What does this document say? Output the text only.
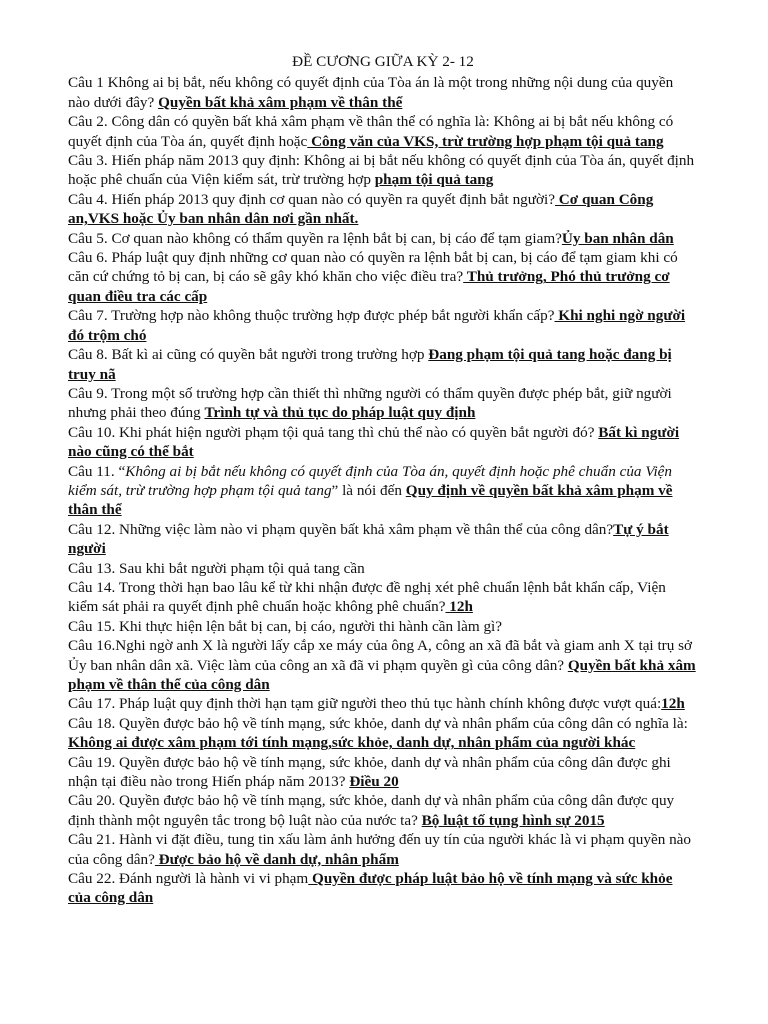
ĐỀ CƯƠNG GIỮA KỲ 2- 12

Câu 1 Không ai bị bắt, nếu không có quyết định của Tòa án là một trong những nội dung của quyền nào dưới đây? Quyền bất khả xâm phạm về thân thể

Câu 2. Công dân có quyền bất khả xâm phạm về thân thể có nghĩa là: Không ai bị bắt nếu không có quyết định của Tòa án, quyết định hoặc Công văn của VKS, trừ trường hợp phạm tội quả tang

Câu 3. Hiến pháp năm 2013 quy định: Không ai bị bắt nếu không có quyết định của Tòa án, quyết định hoặc phê chuẩn của Viện kiểm sát, trừ trường hợp phạm tội quả tang

Câu 4. Hiến pháp 2013 quy định cơ quan nào có quyền ra quyết định bắt người? Cơ quan Công an,VKS hoặc Ủy ban nhân dân nơi gần nhất.

Câu 5. Cơ quan nào không có thẩm quyền ra lệnh bắt bị can, bị cáo để tạm giam?Ủy ban nhân dân

Câu 6. Pháp luật quy định những cơ quan nào có quyền ra lệnh bắt bị can, bị cáo để tạm giam khi có căn cứ chứng tỏ bị can, bị cáo sẽ gây khó khăn cho việc điều tra? Thủ trưởng, Phó thủ trưởng cơ quan điều tra các cấp

Câu 7. Trường hợp nào không thuộc trường hợp được phép bắt người khẩn cấp? Khi nghi ngờ người đó trộm chó

Câu 8. Bất kì ai cũng có quyền bắt người trong trường hợp Đang phạm tội quả tang hoặc đang bị truy nã

Câu 9. Trong một số trường hợp cần thiết thì những người có thẩm quyền được phép bắt, giữ người nhưng phải theo đúng Trình tự và thủ tục do pháp luật quy định

Câu 10. Khi phát hiện người phạm tội quả tang thì chủ thể nào có quyền bắt người đó? Bất kì người nào cũng có thể bắt

Câu 11. “Không ai bị bắt nếu không có quyết định của Tòa án, quyết định hoặc phê chuẩn của Viện kiểm sát, trừ trường hợp phạm tội quả tang” là nói đến Quy định về quyền bất khả xâm phạm về thân thể

Câu 12. Những việc làm nào vi phạm quyền bất khả xâm phạm về thân thể của công dân?Tự ý bắt người

Câu 13. Sau khi bắt người phạm tội quả tang cần

Câu 14. Trong thời hạn bao lâu kể từ khi nhận được đề nghị xét phê chuẩn lệnh bắt khẩn cấp, Viện kiểm sát phải ra quyết định phê chuẩn hoặc không phê chuẩn? 12h

Câu 15. Khi thực hiện lện bắt bị can, bị cáo, người thi hành cần làm gì?

Câu 16.Nghi ngờ anh X là người lấy cắp xe máy của ông A, công an xã đã bắt và giam anh X tại trụ sở Ủy ban nhân dân xã. Việc làm của công an xã đã vi phạm quyền gì của công dân? Quyền bất khả xâm phạm về thân thể của công dân

Câu 17. Pháp luật quy định thời hạn tạm giữ người theo thủ tục hành chính không được vượt quá:12h

Câu 18. Quyền được bảo hộ về tính mạng, sức khỏe, danh dự và nhân phẩm của công dân có nghĩa là: Không ai được xâm phạm tới tính mạng,sức khỏe, danh dự, nhân phẩm của người khác

Câu 19. Quyền được bảo hộ về tính mạng, sức khỏe, danh dự và nhân phẩm của công dân được ghi nhận tại điều nào trong Hiến pháp năm 2013? Điều 20

Câu 20. Quyền được bảo hộ về tính mạng, sức khỏe, danh dự và nhân phẩm của công dân được quy định thành một nguyên tắc trong bộ luật nào của nước ta? Bộ luật tố tụng hình sự 2015

Câu 21. Hành vi đặt điều, tung tin xấu làm ảnh hưởng đến uy tín của người khác là vi phạm quyền nào của công dân? Được bảo hộ về danh dự, nhân phẩm

Câu 22. Đánh người là hành vi vi phạm Quyền được pháp luật bảo hộ về tính mạng và sức khỏe của công dân
